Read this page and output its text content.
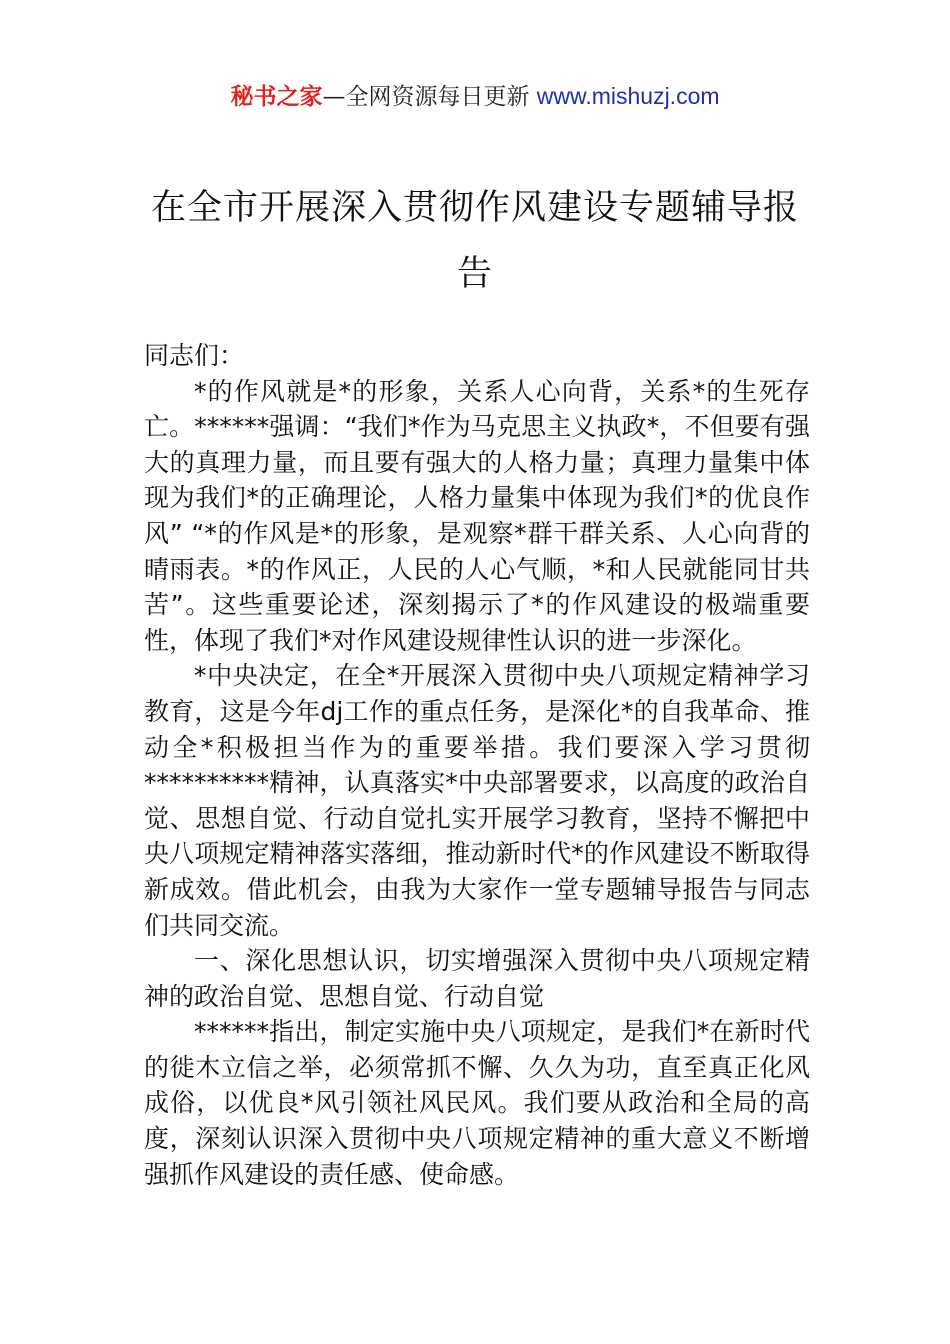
秘书之家—全网资源每日更新 www.mishuzj.com
在全市开展深入贯彻作风建设专题辅导报告

同志们：

*的作风就是*的形象，关系人心向背，关系*的生死存亡。******强调：“我们*作为马克思主义执政*，不但要有强大的真理力量，而且要有强大的人格力量；真理力量集中体现为我们*的正确理论，人格力量集中体现为我们*的优良作风” “*的作风是*的形象，是观察*群干群关系、人心向背的晴雨表。*的作风正，人民的人心气顺，*和人民就能同甘共苦”。这些重要论述，深刻揭示了*的作风建设的极端重要性，体现了我们*对作风建设规律性认识的进一步深化。

*中央决定，在全*开展深入贯彻中央八项规定精神学习教育，这是今年dj工作的重点任务，是深化*的自我革命、推动全*积极担当作为的重要举措。我们要深入学习贯彻**********精神，认真落实*中央部署要求，以高度的政治自觉、思想自觉、行动自觉扎实开展学习教育，坚持不懈把中央八项规定精神落实落细，推动新时代*的作风建设不断取得新成效。借此机会，由我为大家作一堂专题辅导报告与同志们共同交流。

一、深化思想认识，切实增强深入贯彻中央八项规定精神的政治自觉、思想自觉、行动自觉

******指出，制定实施中央八项规定，是我们*在新时代的徙木立信之举，必须常抓不懈、久久为功，直至真正化风成俗，以优良*风引领社风民风。我们要从政治和全局的高度，深刻认识深入贯彻中央八项规定精神的重大意义不断增强抓作风建设的责任感、使命感。
